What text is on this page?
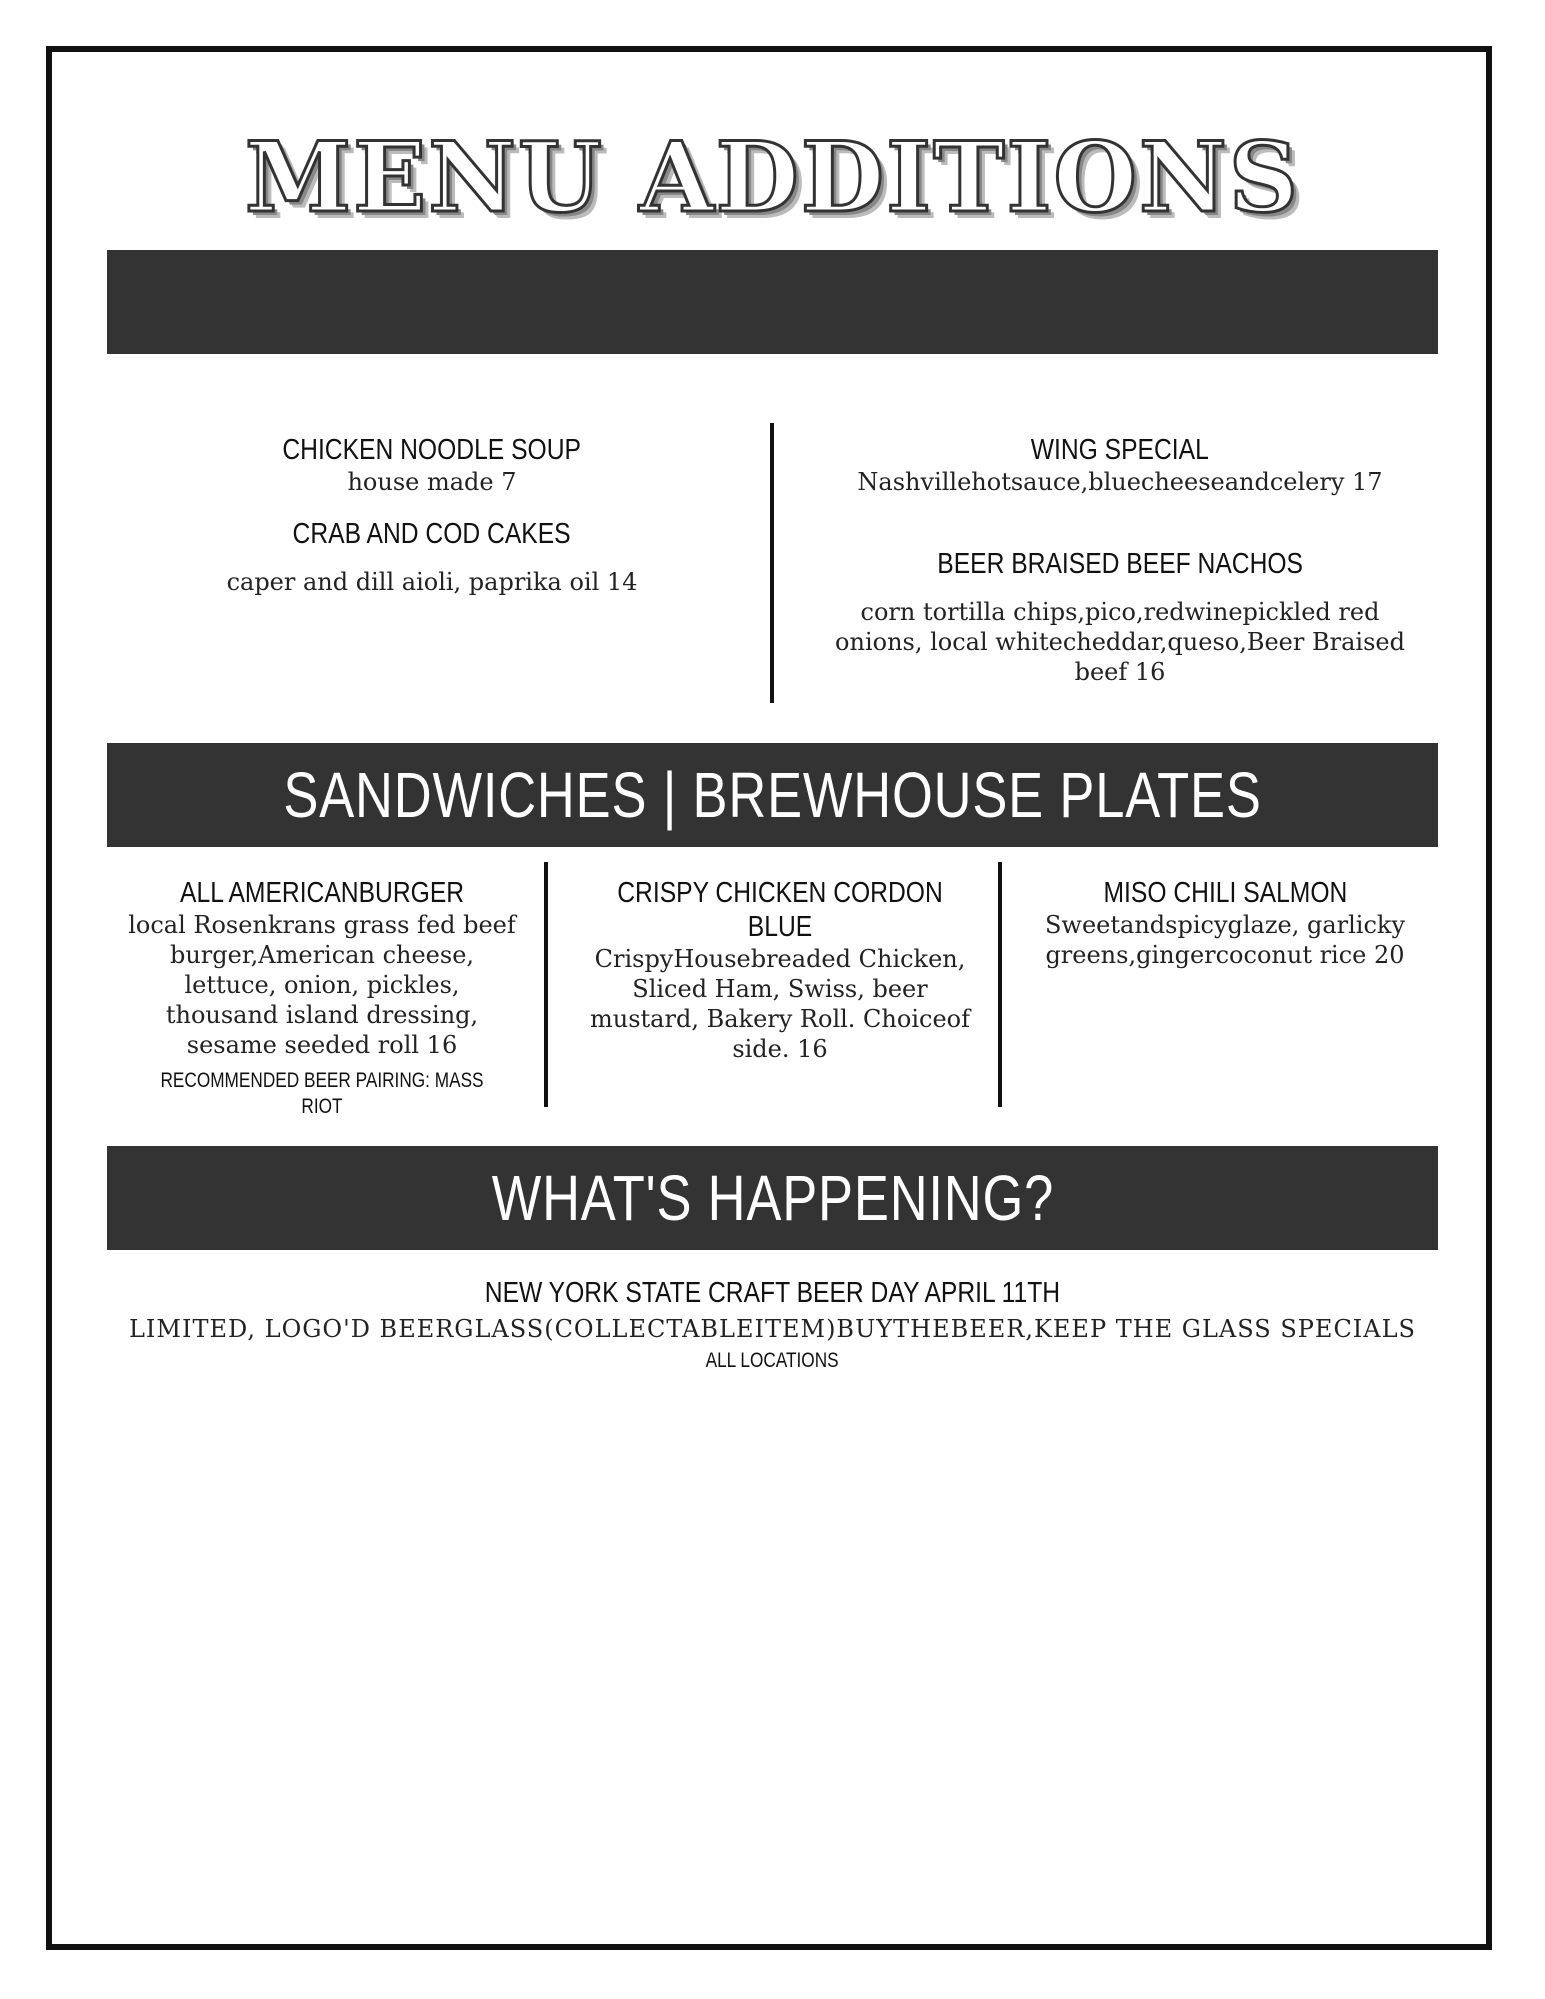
MENU ADDITIONS
CHICKEN NOODLE SOUP
house made 7
CRAB AND COD CAKES
caper and dill aioli, paprika oil 14
WING SPECIAL
Nashvillehotsauce,bluecheeseandcelery 17
BEER BRAISED BEEF NACHOS
corn tortilla chips,pico,redwinepickled red
onions, local whitecheddar,queso,Beer Braised
beef 16
SANDWICHES | BREWHOUSE PLATES
ALL AMERICANBURGER
local Rosenkrans grass fed beef
burger,American cheese,
lettuce, onion, pickles,
thousand island dressing,
sesame seeded roll 16
RECOMMENDED BEER PAIRING: MASS RIOT
CRISPY CHICKEN CORDON BLUE
CrispyHousebreaded Chicken,
Sliced Ham, Swiss, beer
mustard, Bakery Roll. Choiceof
side. 16
MISO CHILI SALMON
Sweetandspicyglaze, garlicky
greens,gingercoconut rice 20
WHAT'S HAPPENING?
NEW YORK STATE CRAFT BEER DAY APRIL 11TH
LIMITED, LOGO'D BEERGLASS(COLLECTABLEITEM)BUYTHEBEER,KEEP THE GLASS SPECIALS
ALL LOCATIONS
